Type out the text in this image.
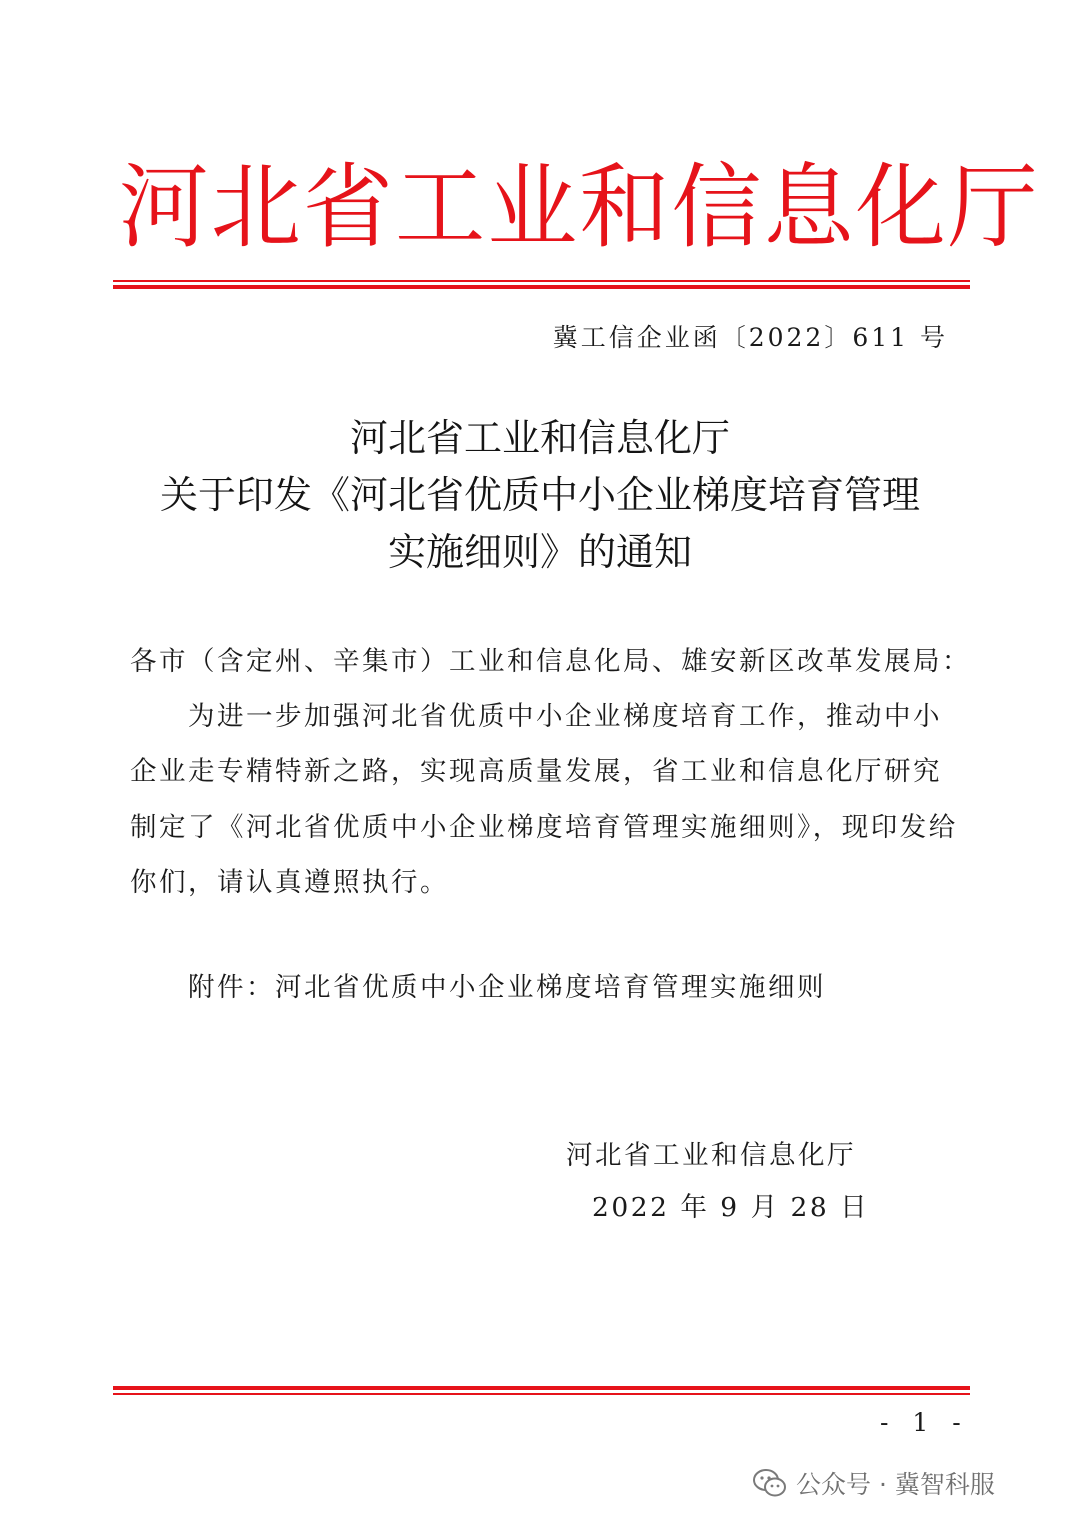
河北省工业和信息化厅
冀工信企业函〔2022〕611 号
河北省工业和信息化厅
关于印发《河北省优质中小企业梯度培育管理
实施细则》的通知
各市（含定州、辛集市）工业和信息化局、雄安新区改革发展局：
为进一步加强河北省优质中小企业梯度培育工作，推动中小
企业走专精特新之路，实现高质量发展，省工业和信息化厅研究
制定了《河北省优质中小企业梯度培育管理实施细则》，现印发给
你们，请认真遵照执行。
附件：河北省优质中小企业梯度培育管理实施细则
河北省工业和信息化厅
2022 年 9 月 28 日
- 1 -
公众号 · 冀智科服
